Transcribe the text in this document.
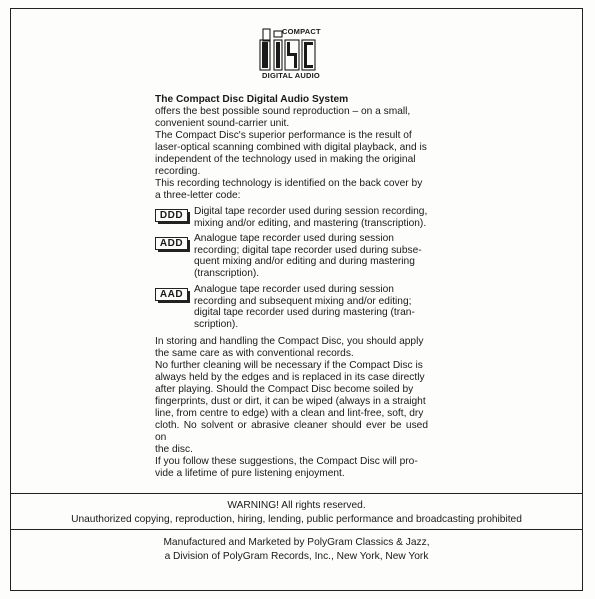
COMPACT
DIGITAL AUDIO
The Compact Disc Digital Audio System
offers the best possible sound reproduction – on a small,
convenient sound-carrier unit.
The Compact Disc's superior performance is the result of
laser-optical scanning combined with digital playback, and is
independent of the technology used in making the original
recording.
This recording technology is identified on the back cover by
a three-letter code:
DDD	Digital tape recorder used during session recording,
mixing and/or editing, and mastering (transcription).
ADD	Analogue tape recorder used during session
recording; digital tape recorder used during subse-
quent mixing and/or editing and during mastering
(transcription).
AAD	Analogue tape recorder used during session
recording and subsequent mixing and/or editing;
digital tape recorder used during mastering (tran-
scription).
In storing and handling the Compact Disc, you should apply
the same care as with conventional records.
No further cleaning will be necessary if the Compact Disc is
always held by the edges and is replaced in its case directly
after playing. Should the Compact Disc become soiled by
fingerprints, dust or dirt, it can be wiped (always in a straight
line, from centre to edge) with a clean and lint-free, soft, dry
cloth. No solvent or abrasive cleaner should ever be used on
the disc.
If you follow these suggestions, the Compact Disc will pro-
vide a lifetime of pure listening enjoyment.
WARNING! All rights reserved.
Unauthorized copying, reproduction, hiring, lending, public performance and broadcasting prohibited
Manufactured and Marketed by PolyGram Classics & Jazz,
a Division of PolyGram Records, Inc., New York, New York
